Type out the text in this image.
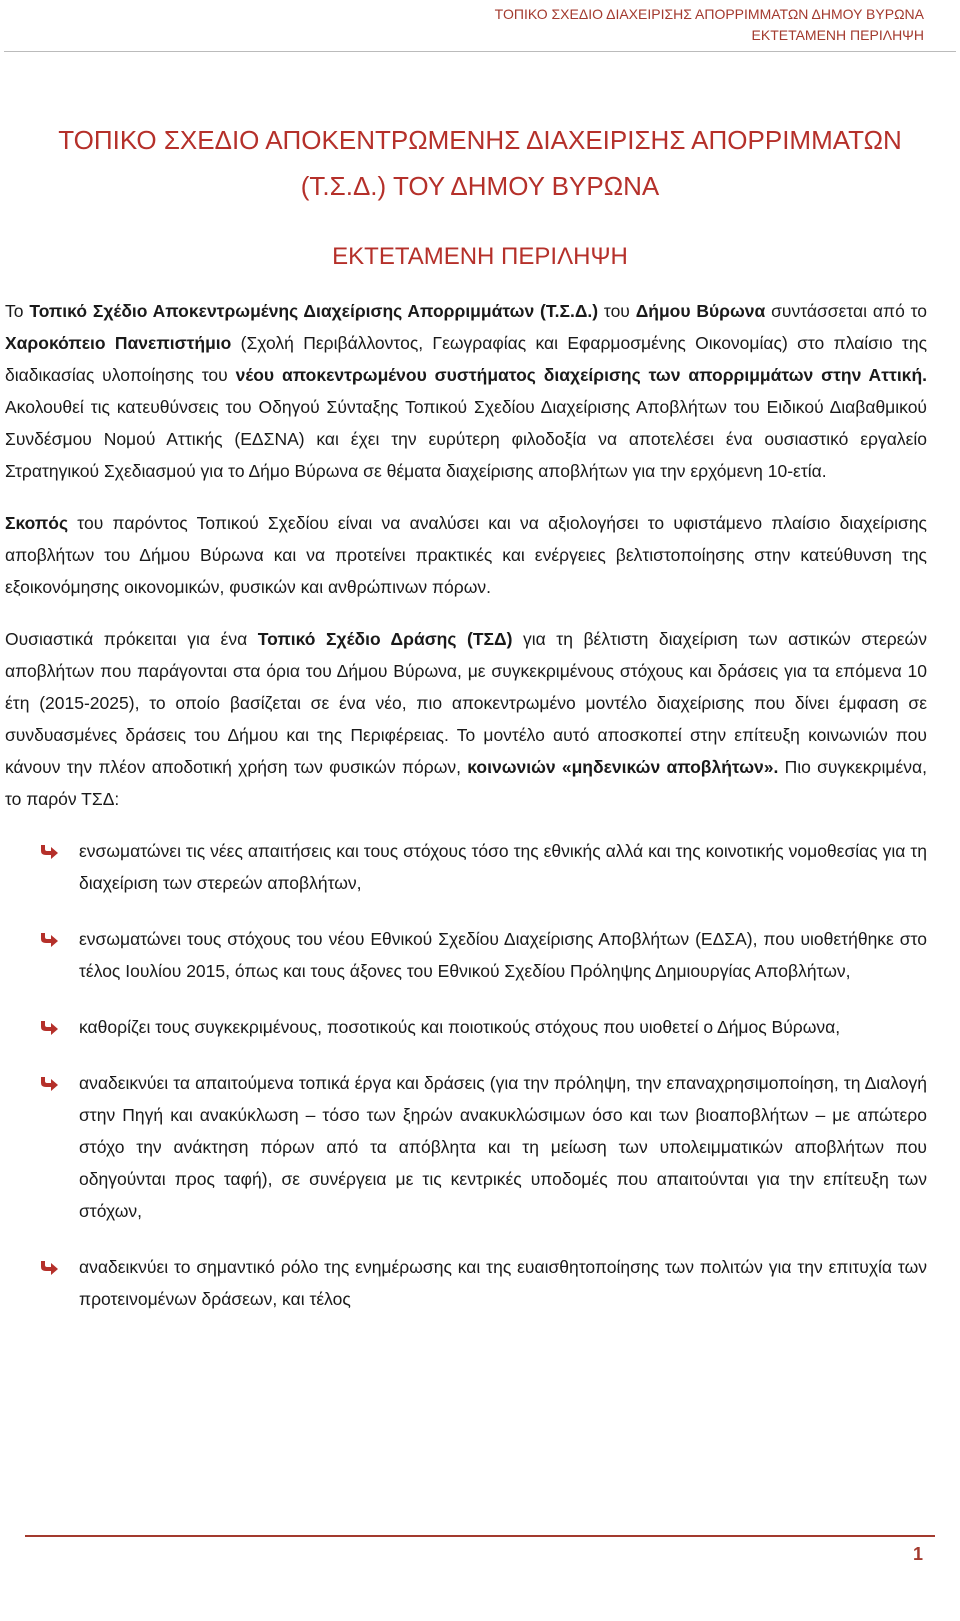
ΤΟΠΙΚΟ ΣΧΕΔΙΟ ΔΙΑΧΕΙΡΙΣΗΣ ΑΠΟΡΡΙΜΜΑΤΩΝ ΔΗΜΟΥ ΒΥΡΩΝΑ
ΕΚΤΕΤΑΜΕΝΗ ΠΕΡΙΛΗΨΗ
ΤΟΠΙΚΟ ΣΧΕΔΙΟ ΑΠΟΚΕΝΤΡΩΜΕΝΗΣ ΔΙΑΧΕΙΡΙΣΗΣ ΑΠΟΡΡΙΜΜΑΤΩΝ (Τ.Σ.Δ.) ΤΟΥ ΔΗΜΟΥ ΒΥΡΩΝΑ
ΕΚΤΕΤΑΜΕΝΗ ΠΕΡΙΛΗΨΗ

Το Τοπικό Σχέδιο Αποκεντρωμένης Διαχείρισης Απορριμμάτων (Τ.Σ.Δ.) του Δήμου Βύρωνα συντάσσεται από το Χαροκόπειο Πανεπιστήμιο (Σχολή Περιβάλλοντος, Γεωγραφίας και Εφαρμοσμένης Οικονομίας) στο πλαίσιο της διαδικασίας υλοποίησης του νέου αποκεντρωμένου συστήματος διαχείρισης των απορριμμάτων στην Αττική. Ακολουθεί τις κατευθύνσεις του Οδηγού Σύνταξης Τοπικού Σχεδίου Διαχείρισης Αποβλήτων του Ειδικού Διαβαθμικού Συνδέσμου Νομού Αττικής (ΕΔΣΝΑ) και έχει την ευρύτερη φιλοδοξία να αποτελέσει ένα ουσιαστικό εργαλείο Στρατηγικού Σχεδιασμού για το Δήμο Βύρωνα σε θέματα διαχείρισης αποβλήτων για την ερχόμενη 10-ετία.

Σκοπός του παρόντος Τοπικού Σχεδίου είναι να αναλύσει και να αξιολογήσει το υφιστάμενο πλαίσιο διαχείρισης αποβλήτων του Δήμου Βύρωνα και να προτείνει πρακτικές και ενέργειες βελτιστοποίησης στην κατεύθυνση της εξοικονόμησης οικονομικών, φυσικών και ανθρώπινων πόρων.

Ουσιαστικά πρόκειται για ένα Τοπικό Σχέδιο Δράσης (ΤΣΔ) για τη βέλτιστη διαχείριση των αστικών στερεών αποβλήτων που παράγονται στα όρια του Δήμου Βύρωνα, με συγκεκριμένους στόχους και δράσεις για τα επόμενα 10 έτη (2015-2025), το οποίο βασίζεται σε ένα νέο, πιο αποκεντρωμένο μοντέλο διαχείρισης που δίνει έμφαση σε συνδυασμένες δράσεις του Δήμου και της Περιφέρειας. Το μοντέλο αυτό αποσκοπεί στην επίτευξη κοινωνιών που κάνουν την πλέον αποδοτική χρήση των φυσικών πόρων, κοινωνιών «μηδενικών αποβλήτων». Πιο συγκεκριμένα, το παρόν ΤΣΔ:

ενσωματώνει τις νέες απαιτήσεις και τους στόχους τόσο της εθνικής αλλά και της κοινοτικής νομοθεσίας για τη διαχείριση των στερεών αποβλήτων,
ενσωματώνει τους στόχους του νέου Εθνικού Σχεδίου Διαχείρισης Αποβλήτων (ΕΔΣΑ), που υιοθετήθηκε στο τέλος Ιουλίου 2015, όπως και τους άξονες του Εθνικού Σχεδίου Πρόληψης Δημιουργίας Αποβλήτων,
καθορίζει τους συγκεκριμένους, ποσοτικούς και ποιοτικούς στόχους που υιοθετεί ο Δήμος Βύρωνα,
αναδεικνύει τα απαιτούμενα τοπικά έργα και δράσεις (για την πρόληψη, την επαναχρησιμοποίηση, τη Διαλογή στην Πηγή και ανακύκλωση – τόσο των ξηρών ανακυκλώσιμων όσο και των βιοαποβλήτων – με απώτερο στόχο την ανάκτηση πόρων από τα απόβλητα και τη μείωση των υπολειμματικών αποβλήτων που οδηγούνται προς ταφή), σε συνέργεια με τις κεντρικές υποδομές που απαιτούνται για την επίτευξη των στόχων,
αναδεικνύει το σημαντικό ρόλο της ενημέρωσης και της ευαισθητοποίησης των πολιτών για την επιτυχία των προτεινομένων δράσεων, και τέλος
1
